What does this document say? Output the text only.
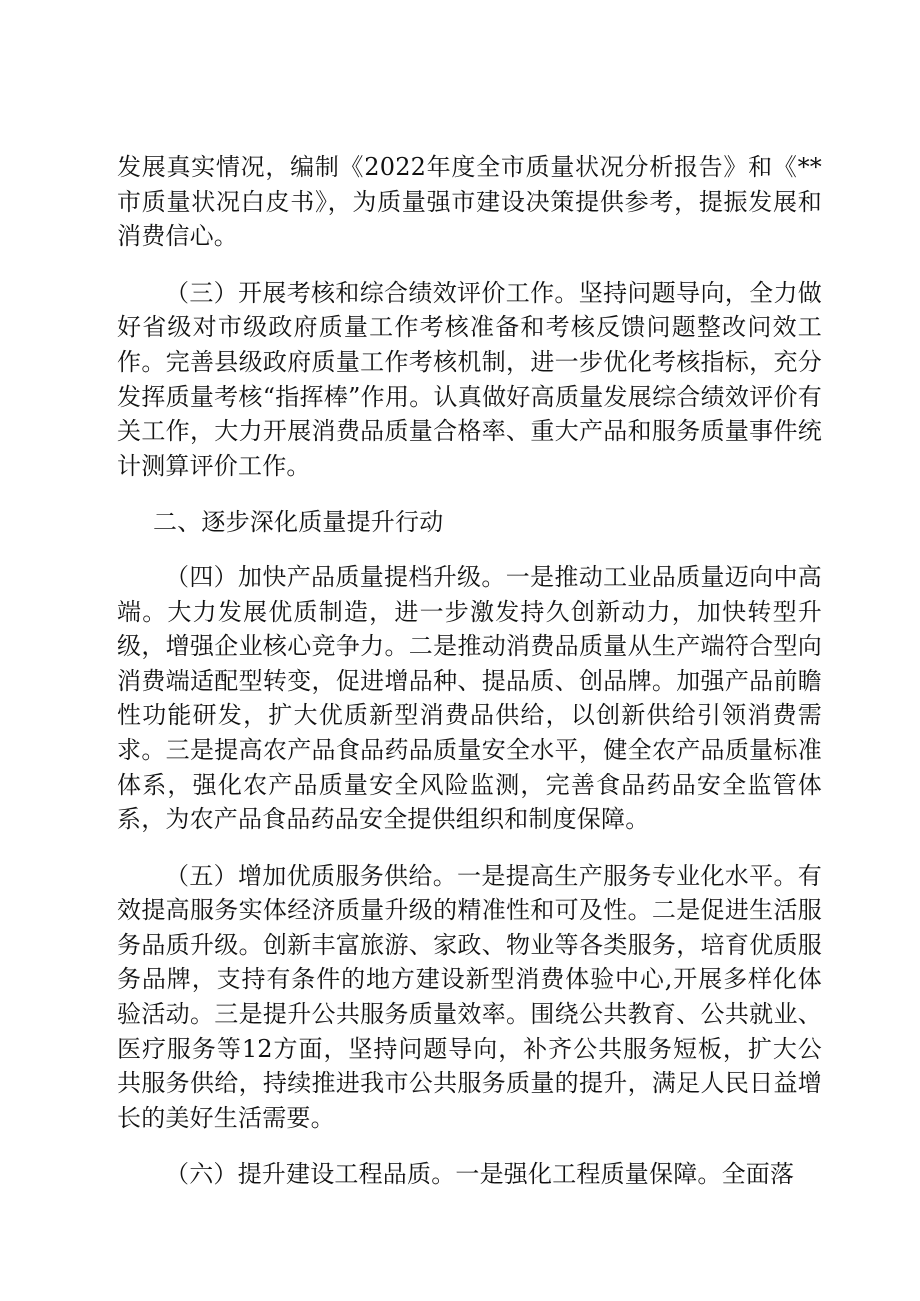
发展真实情况，编制《2022年度全市质量状况分析报告》和《**市质量状况白皮书》，为质量强市建设决策提供参考，提振发展和消费信心。

（三）开展考核和综合绩效评价工作。坚持问题导向，全力做好省级对市级政府质量工作考核准备和考核反馈问题整改问效工作。完善县级政府质量工作考核机制，进一步优化考核指标，充分发挥质量考核“指挥棒”作用。认真做好高质量发展综合绩效评价有关工作，大力开展消费品质量合格率、重大产品和服务质量事件统计测算评价工作。

二、逐步深化质量提升行动

（四）加快产品质量提档升级。一是推动工业品质量迈向中高端。大力发展优质制造，进一步激发持久创新动力，加快转型升级，增强企业核心竞争力。二是推动消费品质量从生产端符合型向消费端适配型转变，促进增品种、提品质、创品牌。加强产品前瞻性功能研发，扩大优质新型消费品供给，以创新供给引领消费需求。三是提高农产品食品药品质量安全水平，健全农产品质量标准体系，强化农产品质量安全风险监测，完善食品药品安全监管体系，为农产品食品药品安全提供组织和制度保障。

（五）增加优质服务供给。一是提高生产服务专业化水平。有效提高服务实体经济质量升级的精准性和可及性。二是促进生活服务品质升级。创新丰富旅游、家政、物业等各类服务，培育优质服务品牌，支持有条件的地方建设新型消费体验中心,开展多样化体验活动。三是提升公共服务质量效率。围绕公共教育、公共就业、医疗服务等12方面，坚持问题导向，补齐公共服务短板，扩大公共服务供给，持续推进我市公共服务质量的提升，满足人民日益增长的美好生活需要。

（六）提升建设工程品质。一是强化工程质量保障。全面落
